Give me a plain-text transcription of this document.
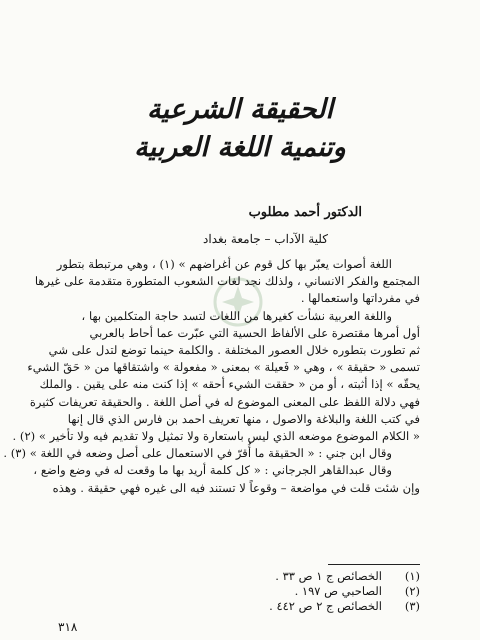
الحقيقة الشرعية
وتنمية اللغة العربية
الدكتور أحمد مطلوب
كلية الآداب – جامعة بغداد
اللغة أصوات يعبّر بها كل قوم عن أغراضهم » (١) ، وهي مرتبطة بتطور
المجتمع والفكر الانساني ، ولذلك نجد لغات الشعوب المتطورة متقدمة على غيرها
في مفرداتها واستعمالها .
واللغة العربية نشأت كغيرها من اللغات لتسد حاجة المتكلمين بها ،
أول أمرها مقتصرة على الألفاظ الحسية التي عبّرت عما أحاط بالعربي
ثم تطورت بتطوره خلال العصور المختلفة . والكلمة حينما توضع لتدل على شي
تسمى « حقيقة » ، وهي « فَعيلة » بمعنى « مفعولة » واشتقاقها من « حَقّ الشيء
يحقّه » إذا أثبته ، أو من « حققت الشيء أحقه » إذا كنت منه على يقين . والملك
فهي دلالة اللفظ على المعنى الموضوع له في أصل اللغة . والحقيقة تعريفات كثيرة
في كتب اللغة والبلاغة والاصول ، منها تعريف احمد بن فارس الذي قال إنها
« الكلام الموضوع موضعه الذي ليس باستعارة ولا تمثيل ولا تقديم فيه ولا تأخير » (٢) .
وقال ابن جني : « الحقيقة ما أُقرّ في الاستعمال على أصل وضعه في اللغة » (٣) .
وقال عبدالقاهر الجرجاني : « كل كلمة أريد بها ما وقعت له في وضع واضع ،
وإن شئت قلت في مواضعة – وقوعاً لا تستند فيه الى غيره فهي حقيقة . وهذه
(١)
الخصائص ج ١ ص ٣٣ .
(٢)
الصاحبي ص ١٩٧ .
(٣)
الخصائص ج ٢ ص ٤٤٢ .
٣١٨
